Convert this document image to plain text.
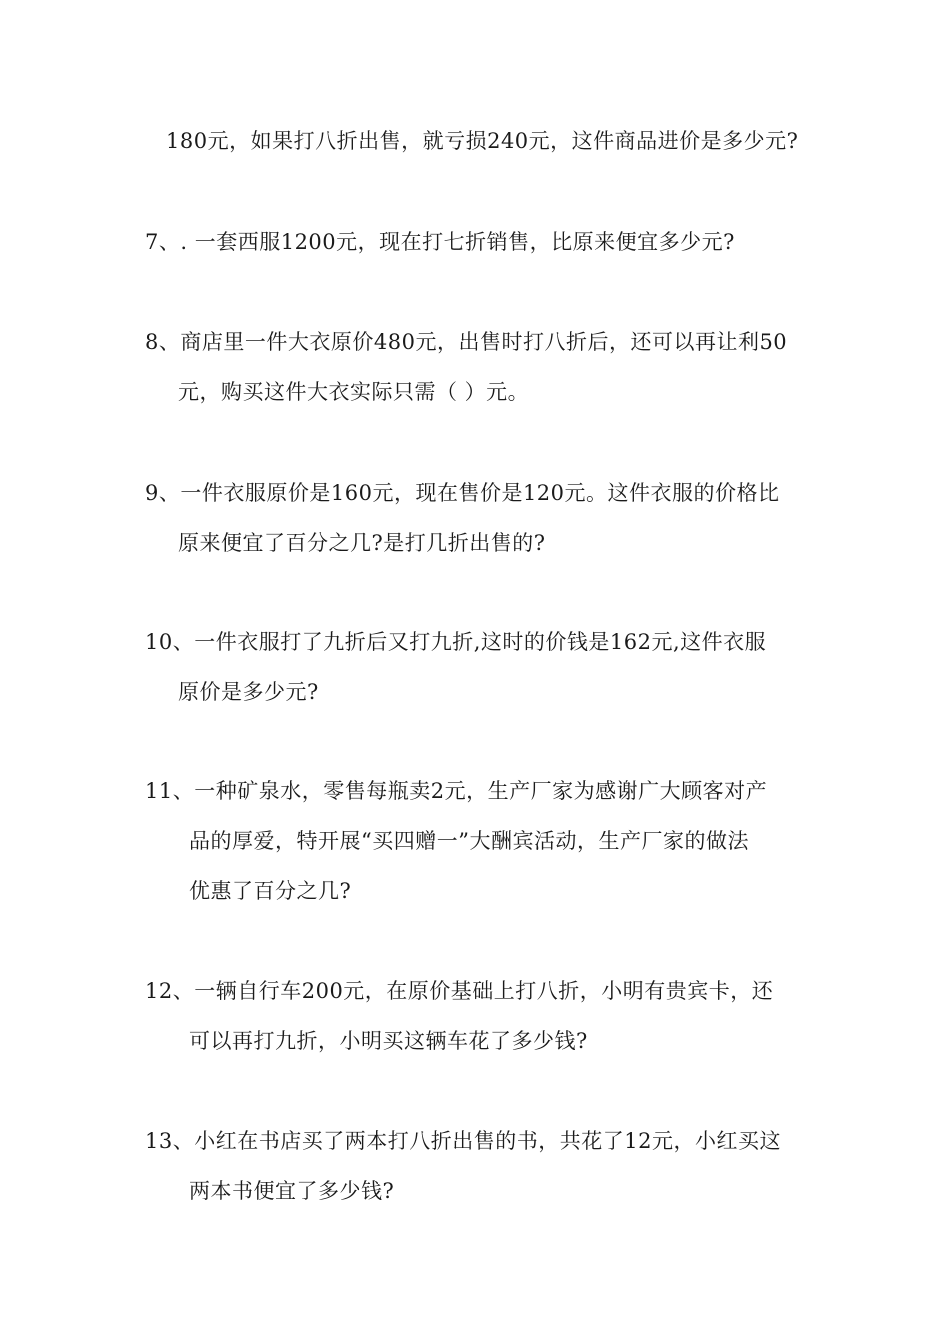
180元，如果打八折出售，就亏损240元，这件商品进价是多少元?
7、. 一套西服1200元，现在打七折销售，比原来便宜多少元?
8、商店里一件大衣原价480元，出售时打八折后，还可以再让利50
元，购买这件大衣实际只需（ ）元。
9、一件衣服原价是160元，现在售价是120元。这件衣服的价格比
原来便宜了百分之几?是打几折出售的?
10、一件衣服打了九折后又打九折,这时的价钱是162元,这件衣服
原价是多少元?
11、一种矿泉水，零售每瓶卖2元，生产厂家为感谢广大顾客对产
品的厚爱，特开展“买四赠一”大酬宾活动，生产厂家的做法
优惠了百分之几?
12、一辆自行车200元，在原价基础上打八折，小明有贵宾卡，还
可以再打九折，小明买这辆车花了多少钱?
13、小红在书店买了两本打八折出售的书，共花了12元，小红买这
两本书便宜了多少钱?
